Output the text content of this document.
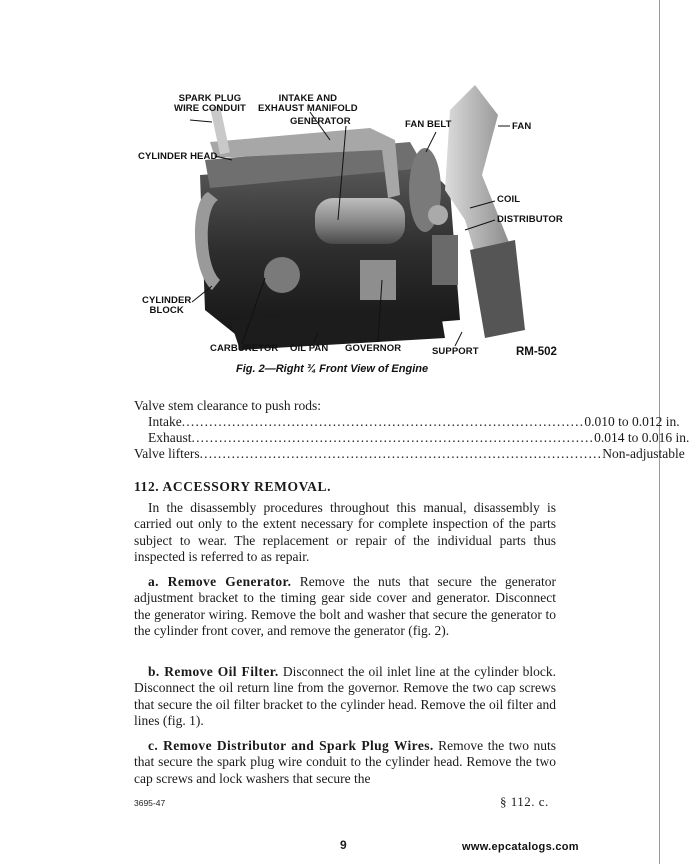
SPARK PLUG
WIRE CONDUIT
INTAKE AND
EXHAUST MANIFOLD
GENERATOR	FAN BELT	FAN
CYLINDER HEAD
COIL
DISTRIBUTOR
CYLINDER
BLOCK
CARBURETOR OIL PAN GOVERNOR	SUPPORT	RM-502
Fig. 2—Right ¾ Front View of Engine
Valve stem clearance to push rods:
Intake ........................................................................................ 0.010 to 0.012 in.
Exhaust ........................................................................................ 0.014 to 0.016 in.
Valve lifters ........................................................................................ Non-adjustable
112. ACCESSORY REMOVAL.
In the disassembly procedures throughout this manual, disassembly is carried out only to the extent necessary for complete inspection of the parts subject to wear. The replacement or repair of the individual parts thus inspected is referred to as repair.
a. Remove Generator. Remove the nuts that secure the generator adjustment bracket to the timing gear side cover and generator. Disconnect the generator wiring. Remove the bolt and washer that secure the generator to the cylinder front cover, and remove the generator (fig. 2).
b. Remove Oil Filter. Disconnect the oil inlet line at the cylinder block. Disconnect the oil return line from the governor. Remove the two cap screws that secure the oil filter bracket to the cylinder head. Remove the oil filter and lines (fig. 1).
c. Remove Distributor and Spark Plug Wires. Remove the two nuts that secure the spark plug wire conduit to the cylinder head. Remove the two cap screws and lock washers that secure the
3695-47	§ 112. c.
9	www.epcatalogs.com
